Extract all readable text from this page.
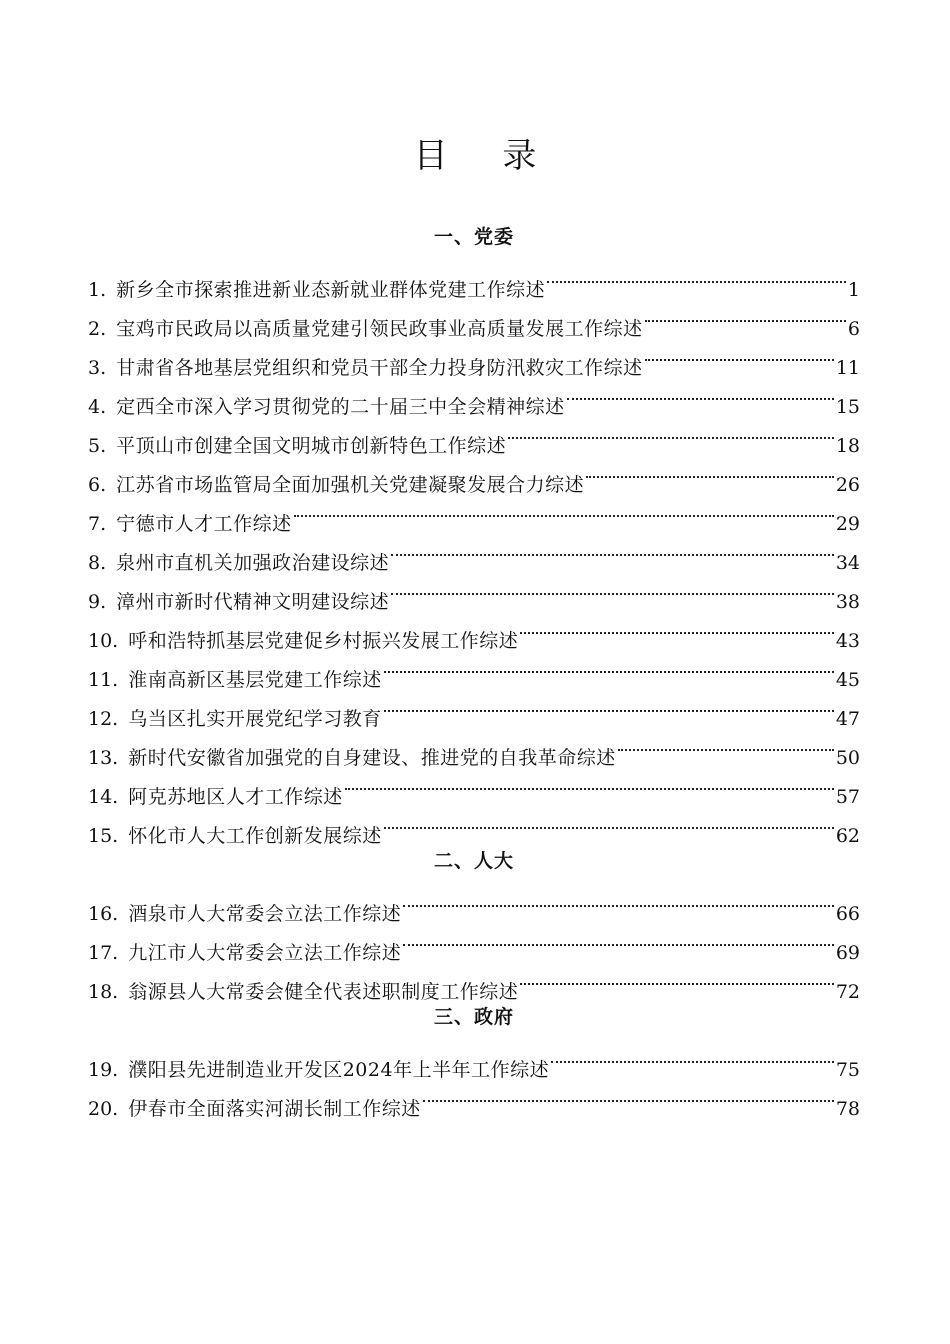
目 录
一、党委
1. 新乡全市探索推进新业态新就业群体党建工作综述	1
2. 宝鸡市民政局以高质量党建引领民政事业高质量发展工作综述	6
3. 甘肃省各地基层党组织和党员干部全力投身防汛救灾工作综述	11
4. 定西全市深入学习贯彻党的二十届三中全会精神综述	15
5. 平顶山市创建全国文明城市创新特色工作综述	18
6. 江苏省市场监管局全面加强机关党建凝聚发展合力综述	26
7. 宁德市人才工作综述	29
8. 泉州市直机关加强政治建设综述	34
9. 漳州市新时代精神文明建设综述	38
10. 呼和浩特抓基层党建促乡村振兴发展工作综述	43
11. 淮南高新区基层党建工作综述	45
12. 乌当区扎实开展党纪学习教育	47
13. 新时代安徽省加强党的自身建设、推进党的自我革命综述	50
14. 阿克苏地区人才工作综述	57
15. 怀化市人大工作创新发展综述	62
二、人大
16. 酒泉市人大常委会立法工作综述	66
17. 九江市人大常委会立法工作综述	69
18. 翁源县人大常委会健全代表述职制度工作综述	72
三、政府
19. 濮阳县先进制造业开发区2024年上半年工作综述	75
20. 伊春市全面落实河湖长制工作综述	78
